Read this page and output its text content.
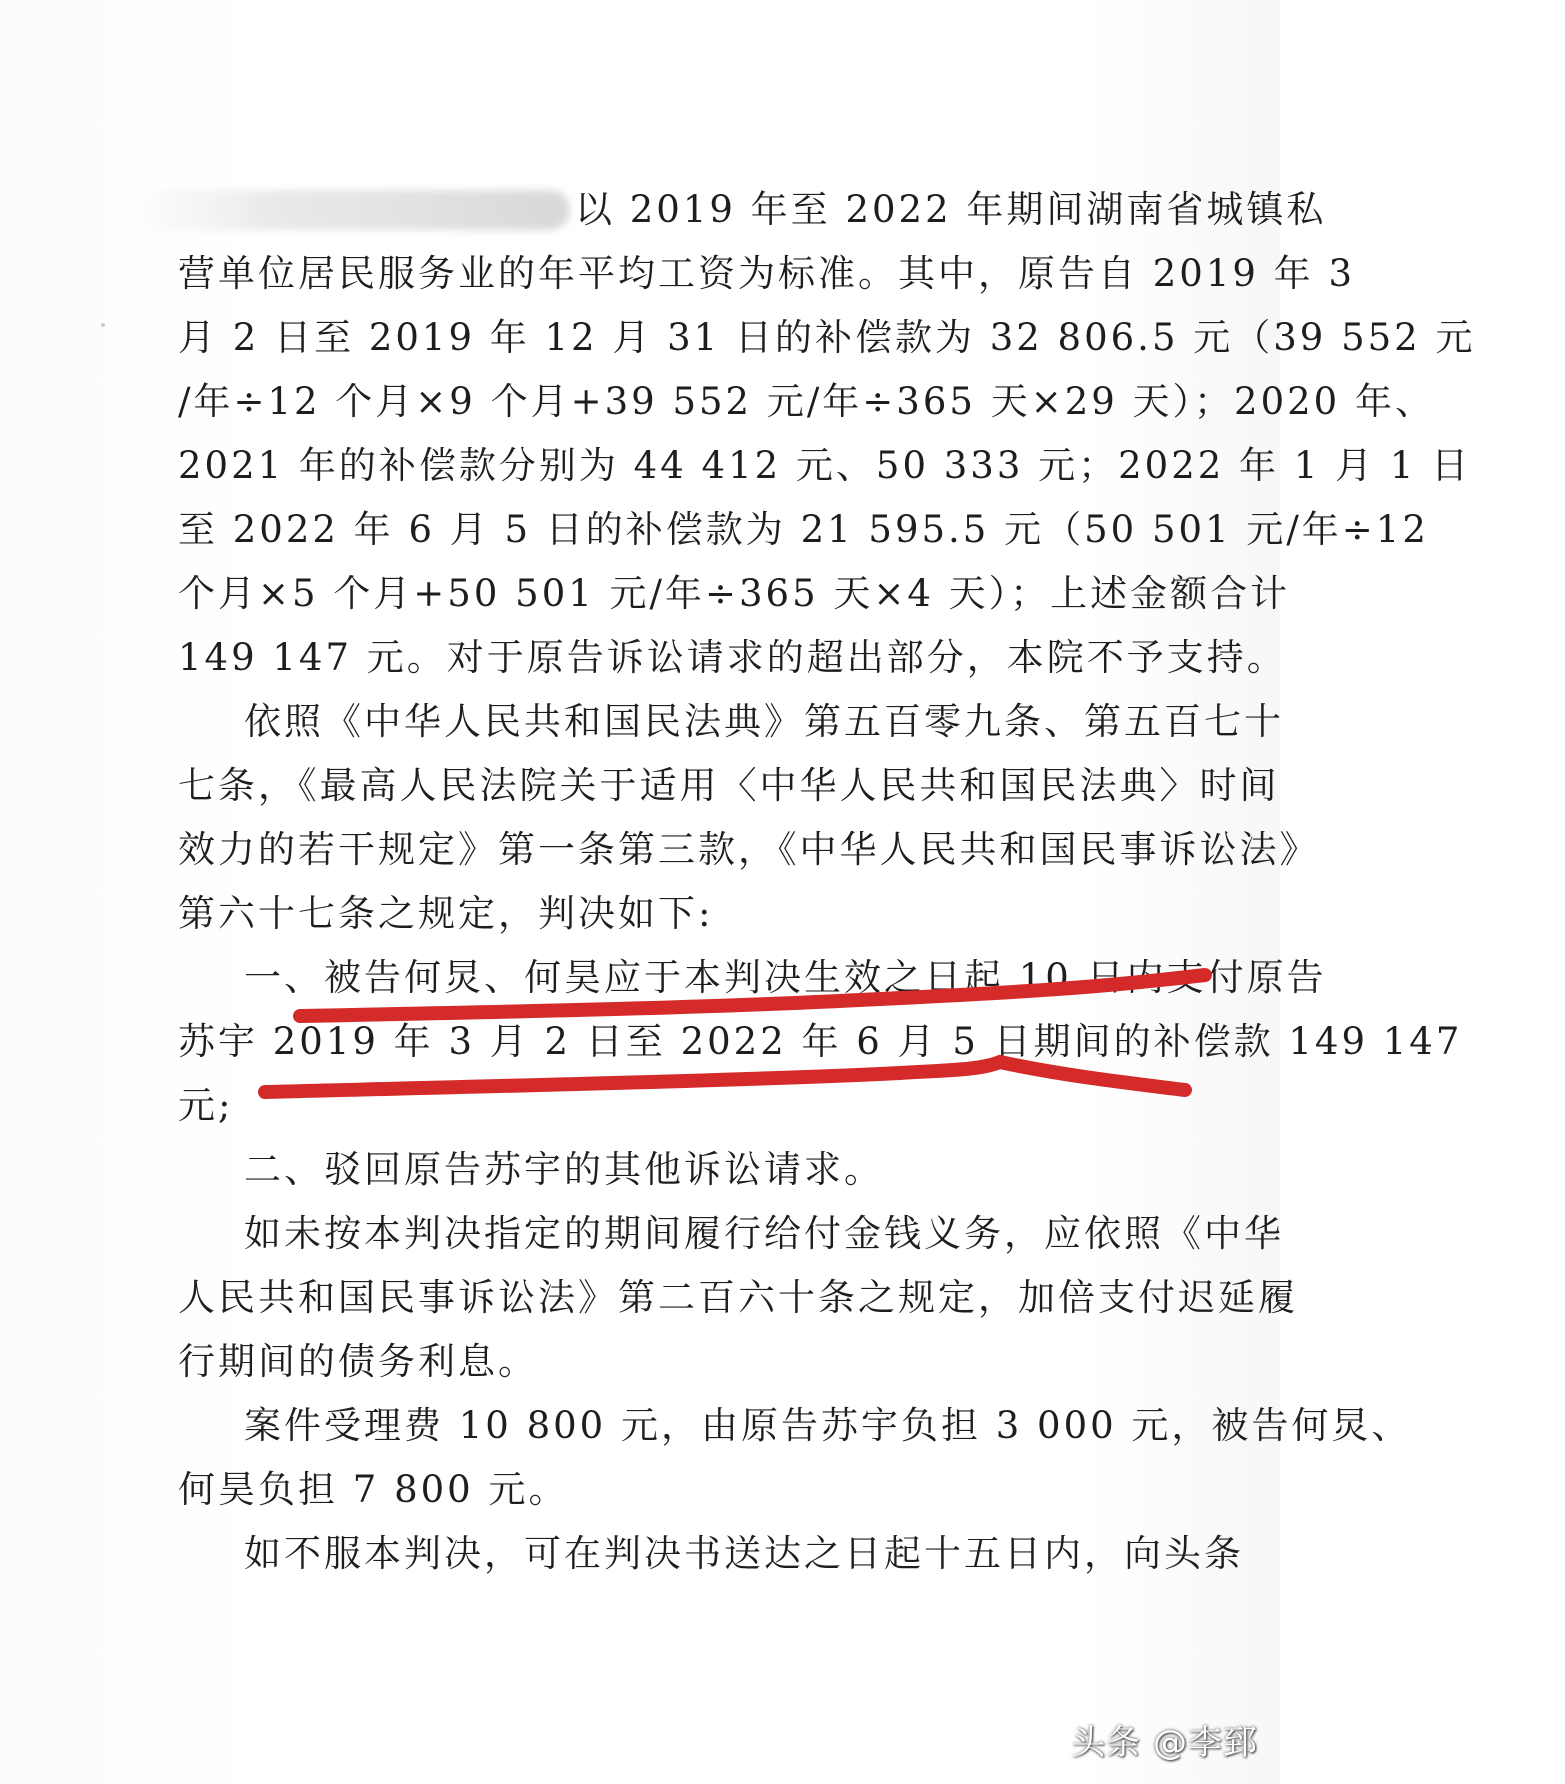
以 2019 年至 2022 年期间湖南省城镇私
营单位居民服务业的年平均工资为标准。其中，原告自 2019 年 3
月 2 日至 2019 年 12 月 31 日的补偿款为 32 806.5 元（39 552 元
/年÷12 个月×9 个月+39 552 元/年÷365 天×29 天）；2020 年、
2021 年的补偿款分别为 44 412 元、50 333 元；2022 年 1 月 1 日
至 2022 年 6 月 5 日的补偿款为 21 595.5 元（50 501 元/年÷12
个月×5 个月+50 501 元/年÷365 天×4 天）；上述金额合计
149 147 元。对于原告诉讼请求的超出部分，本院不予支持。
依照《中华人民共和国民法典》第五百零九条、第五百七十
七条，《最高人民法院关于适用〈中华人民共和国民法典〉时间
效力的若干规定》第一条第三款，《中华人民共和国民事诉讼法》
第六十七条之规定，判决如下:
一、被告何炅、何昊应于本判决生效之日起 10 日内支付原告
苏宇 2019 年 3 月 2 日至 2022 年 6 月 5 日期间的补偿款 149 147
元;
二、驳回原告苏宇的其他诉讼请求。
如未按本判决指定的期间履行给付金钱义务，应依照《中华
人民共和国民事诉讼法》第二百六十条之规定，加倍支付迟延履
行期间的债务利息。
案件受理费 10 800 元，由原告苏宇负担 3 000 元，被告何炅、
何昊负担 7 800 元。
如不服本判决，可在判决书送达之日起十五日内，向头条
头条 @李郅
